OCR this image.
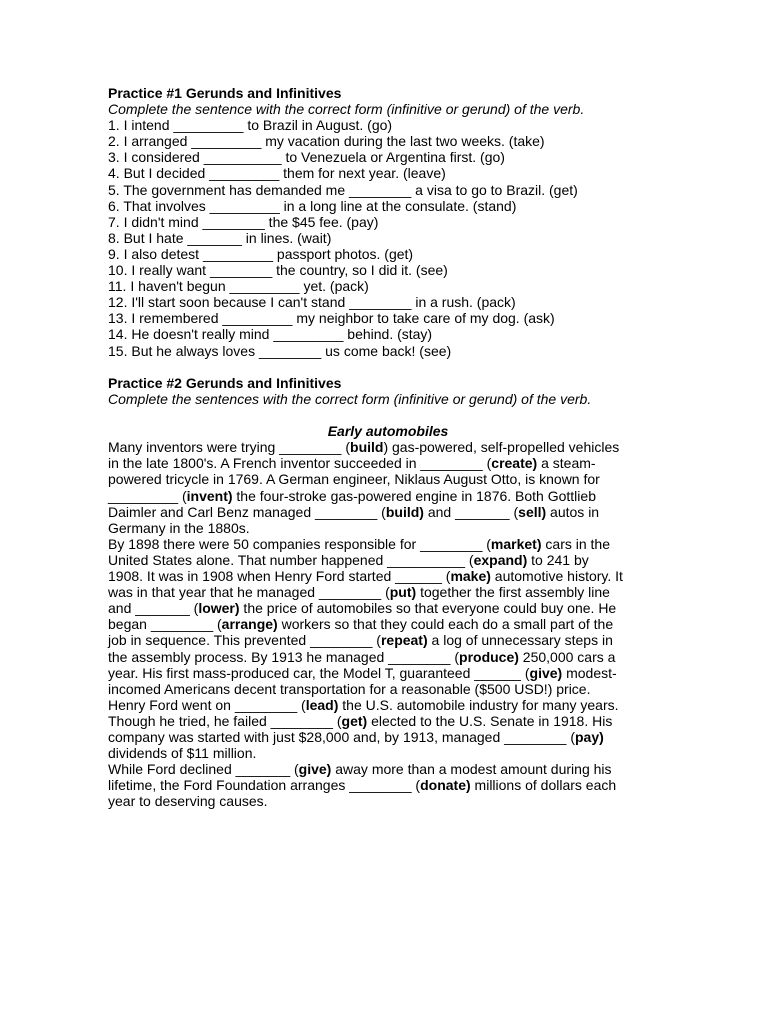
Practice #1 Gerunds and Infinitives
Complete the sentence with the correct form (infinitive or gerund) of the verb.
1. I intend _________ to Brazil in August. (go)
2. I arranged _________ my vacation during the last two weeks. (take)
3. I considered __________ to Venezuela or Argentina first. (go)
4. But I decided _________ them for next year. (leave)
5. The government has demanded me ________ a visa to go to Brazil. (get)
6. That involves _________ in a long line at the consulate. (stand)
7. I didn't mind ________ the $45 fee. (pay)
8. But I hate _______ in lines. (wait)
9. I also detest _________ passport photos. (get)
10. I really want ________ the country, so I did it. (see)
11. I haven't begun _________ yet. (pack)
12. I'll start soon because I can't stand ________ in a rush. (pack)
13. I remembered _________ my neighbor to take care of my dog. (ask)
14. He doesn't really mind _________ behind. (stay)
15. But he always loves ________ us come back! (see)
Practice #2 Gerunds and Infinitives
Complete the sentences with the correct form (infinitive or gerund) of the verb.
Early automobiles
Many inventors were trying ________ (build) gas-powered, self-propelled vehicles
in the late 1800's. A French inventor succeeded in ________ (create) a steam-
powered tricycle in 1769. A German engineer, Niklaus August Otto, is known for
_________ (invent) the four-stroke gas-powered engine in 1876. Both Gottlieb
Daimler and Carl Benz managed ________ (build) and _______ (sell) autos in
Germany in the 1880s.
By 1898 there were 50 companies responsible for ________ (market) cars in the
United States alone. That number happened __________ (expand) to 241 by
1908. It was in 1908 when Henry Ford started ______ (make) automotive history. It
was in that year that he managed ________ (put) together the first assembly line
and _______ (lower) the price of automobiles so that everyone could buy one. He
began ________ (arrange) workers so that they could each do a small part of the
job in sequence. This prevented ________ (repeat) a log of unnecessary steps in
the assembly process. By 1913 he managed ________ (produce) 250,000 cars a
year. His first mass-produced car, the Model T, guaranteed ______ (give) modest-
incomed Americans decent transportation for a reasonable ($500 USD!) price.
Henry Ford went on ________ (lead) the U.S. automobile industry for many years.
Though he tried, he failed ________ (get) elected to the U.S. Senate in 1918. His
company was started with just $28,000 and, by 1913, managed ________ (pay)
dividends of $11 million.
While Ford declined _______ (give) away more than a modest amount during his
lifetime, the Ford Foundation arranges ________ (donate) millions of dollars each
year to deserving causes.
